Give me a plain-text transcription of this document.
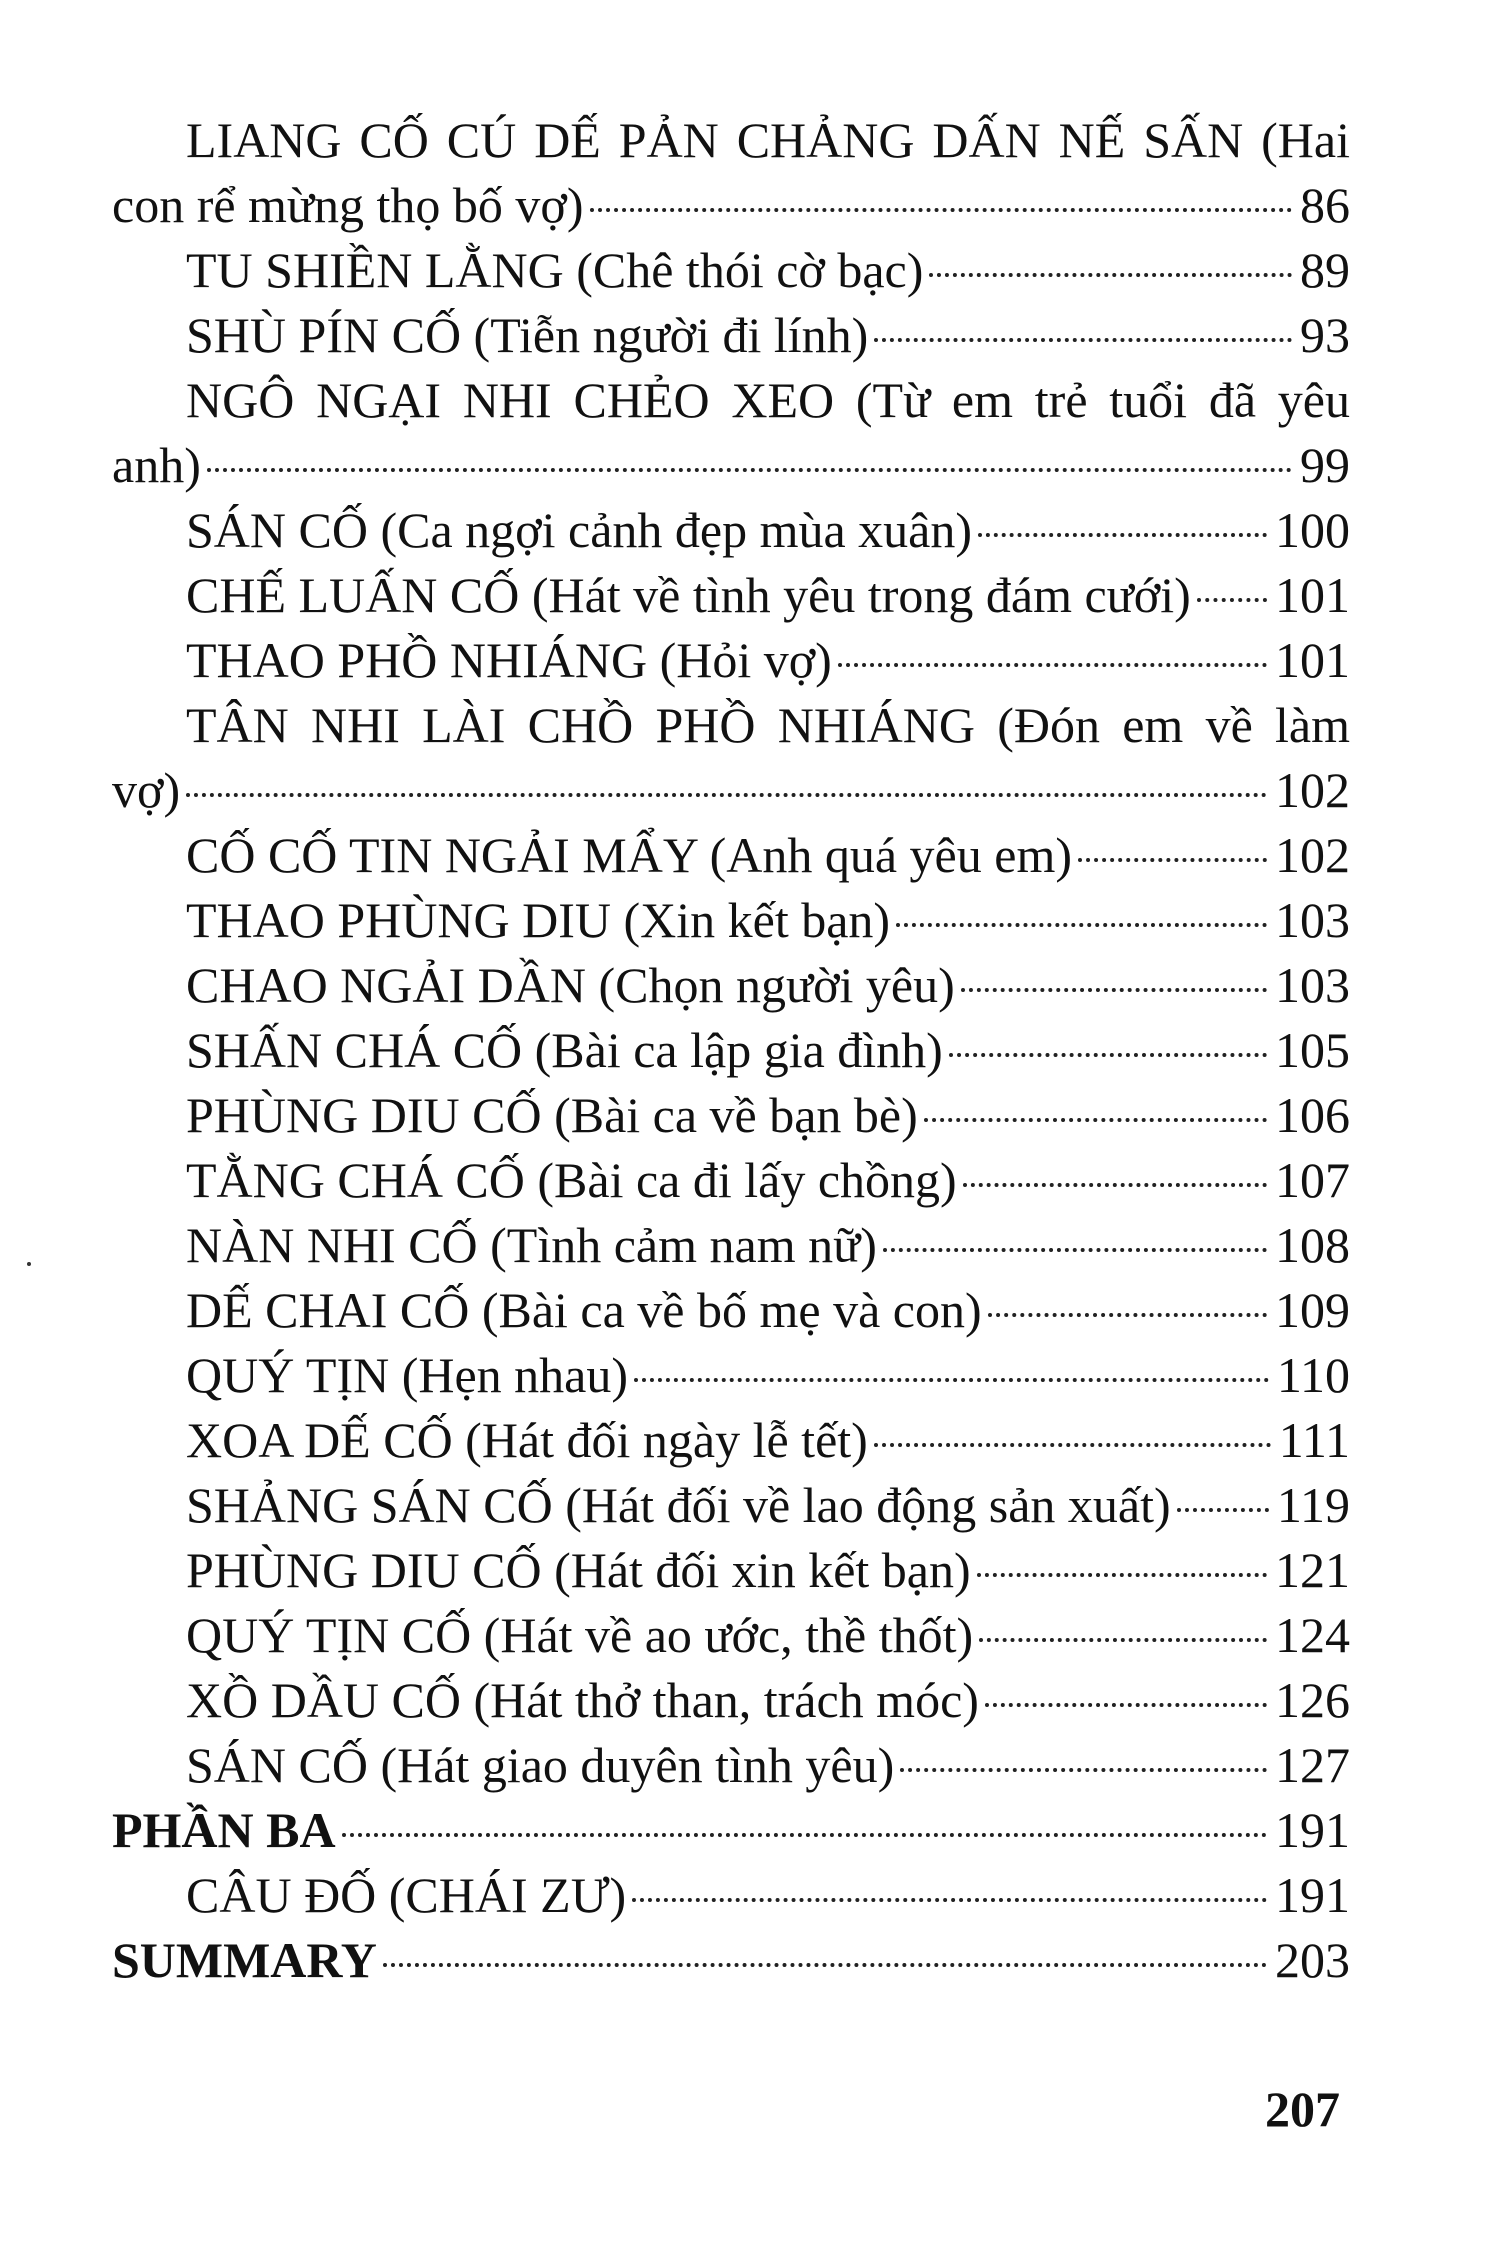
LIANG CỐ CÚ DẾ PẢN CHẢNG DẤN NẾ SẤN (Hai
con rể mừng thọ bố vợ)	86
TU SHIỀN LẰNG (Chê thói cờ bạc)	89
SHÙ PÍN CỐ (Tiễn người đi lính)	93
NGÔ NGẠI NHI CHẺO XEO (Từ em trẻ tuổi đã yêu
anh)	99
SÁN CỐ (Ca ngợi cảnh đẹp mùa xuân)	100
CHẾ LUẤN CỐ (Hát về tình yêu trong đám cưới) 101
THAO PHỒ NHIÁNG (Hỏi vợ)	101
TÂN NHI LÀI CHỒ PHỒ NHIÁNG (Đón em về làm
vợ)	102
CỐ CỐ TIN NGẢI MẨY (Anh quá yêu em)	102
THAO PHÙNG DIU (Xin kết bạn)	103
CHAO NGẢI DẦN (Chọn người yêu)	103
SHẤN CHÁ CỐ (Bài ca lập gia đình)	105
PHÙNG DIU CỐ (Bài ca về bạn bè)	106
TẰNG CHÁ CỐ (Bài ca đi lấy chồng)	107
NÀN NHI CỐ (Tình cảm nam nữ)	108
DẾ CHAI CỐ (Bài ca về bố mẹ và con)	109
QUÝ TỊN (Hẹn nhau)	110
XOA DẾ CỐ (Hát đối ngày lễ tết)	111
SHẢNG SÁN CỐ (Hát đối về lao động sản xuất) 119
PHÙNG DIU CỐ (Hát đối xin kết bạn)	121
QUÝ TỊN CỐ (Hát về ao ước, thề thốt)	124
XỒ DẦU CỐ (Hát thở than, trách móc)	126
SÁN CỐ (Hát giao duyên tình yêu)	127
PHẦN BA	191
CÂU ĐỐ (CHÁI ZƯ)	191
SUMMARY	203
207
